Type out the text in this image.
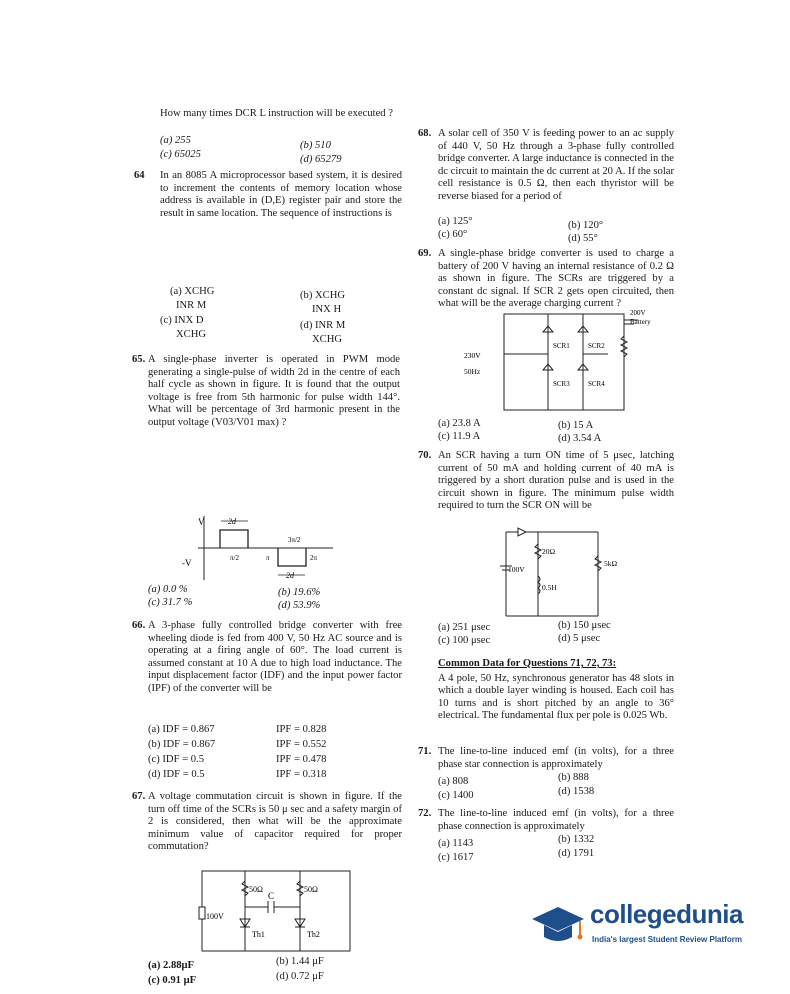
How many times DCR L instruction will be executed ?
(a) 255	(b) 510
(c) 65025	(d) 65279
64 In an 8085 A microprocessor based system, it is desired to increment the contents of memory location whose address is available in (D,E) register pair and store the result in same location. The sequence of instructions is
(a) XCHG
INR M
(b) XCHG
INX H
(c) INX D
XCHG
(d) INR M
XCHG
65. A single-phase inverter is operated in PWM mode generating a single-pulse of width 2d in the centre of each half cycle as shown in figure. It is found that the output voltage is free from 5th harmonic for pulse width 144°. What will be percentage of 3rd harmonic present in the output voltage (V03/V01 max) ?
V
-V
2d
2d
π/2	π
3π/2
2π
(a) 0.0 %	(b) 19.6%
(c) 31.7 %	(d) 53.9%
66. A 3-phase fully controlled bridge converter with free wheeling diode is fed from 400 V, 50 Hz AC source and is operating at a firing angle of 60°. The load current is assumed constant at 10 A due to high load inductance. The input displacement factor (IDF) and the input power factor (IPF) of the converter will be
(a) IDF = 0.867	IPF = 0.828
(b) IDF = 0.867	IPF = 0.552
(c) IDF = 0.5	IPF = 0.478
(d) IDF = 0.5	IPF = 0.318
67. A voltage commutation circuit is shown in figure. If the turn off time of the SCRs is 50 μ sec and a safety margin of 2 is considered, then what will be the approximate minimum value of capacitor required for proper commutation?
50Ω	50Ω
C
100V
Th1	Th2
(a) 2.88μF	(b) 1.44 μF
(c) 0.91 μF	(d) 0.72 μF
68. A solar cell of 350 V is feeding power to an ac supply of 440 V, 50 Hz through a 3-phase fully controlled bridge converter. A large inductance is connected in the dc circuit to maintain the dc current at 20 A. If the solar cell resistance is 0.5 Ω, then each thyristor will be reverse biased for a period of
(a) 125°	(b) 120°
(c) 60°	(d) 55°
69. A single-phase bridge converter is used to charge a battery of 200 V having an internal resistance of 0.2 Ω as shown in figure. The SCRs are triggered by a constant dc signal. If SCR 2 gets open circuited, then what will be the average charging current ?
230V
50Hz
SCR1	SCR2
SCR3	SCR4
200V
Battery
(a) 23.8 A	(b) 15 A
(c) 11.9 A	(d) 3.54 A
70. An SCR having a turn ON time of 5 μsec, latching current of 50 mA and holding current of 40 mA is triggered by a short duration pulse and is used in the circuit shown in figure. The minimum pulse width required to turn the SCR ON will be
20Ω
5kΩ
0.5H
100V
(a) 251 μsec	(b) 150 μsec
(c) 100 μsec	(d) 5 μsec
Common Data for Questions 71, 72, 73:
A 4 pole, 50 Hz, synchronous generator has 48 slots in which a double layer winding is housed. Each coil has 10 turns and is short pitched by an angle to 36° electrical. The fundamental flux per pole is 0.025 Wb.
71. The line-to-line induced emf (in volts), for a three phase star connection is approximately
(a) 808	(b) 888
(c) 1400	(d) 1538
72. The line-to-line induced emf (in volts), for a three phase connection is approximately
(a) 1143	(b) 1332
(c) 1617	(d) 1791
collegedunia
India's largest Student Review Platform
